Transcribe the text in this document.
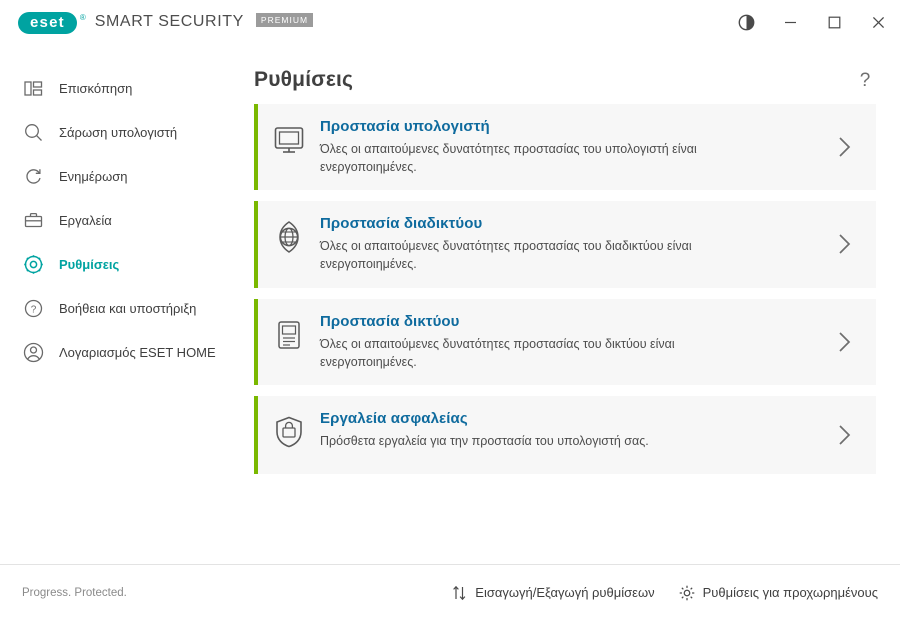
eset ® SMART SECURITY	PREMIUM
Επισκόπηση
Σάρωση υπολογιστή
Ενημέρωση
Εργαλεία
Ρυθμίσεις
? Βοήθεια και υποστήριξη
Λογαριασμός ESET HOME
Ρυθμίσεις	?
Προστασία υπολογιστή
Όλες οι απαιτούμενες δυνατότητες προστασίας του υπολογιστή είναι ενεργοποιημένες.
Προστασία διαδικτύου
Όλες οι απαιτούμενες δυνατότητες προστασίας του διαδικτύου είναι ενεργοποιημένες.
Προστασία δικτύου
Όλες οι απαιτούμενες δυνατότητες προστασίας του δικτύου είναι ενεργοποιημένες.
Εργαλεία ασφαλείας
Πρόσθετα εργαλεία για την προστασία του υπολογιστή σας.
Progress. Protected.	Εισαγωγή/Εξαγωγή ρυθμίσεων	Ρυθμίσεις για προχωρημένους
